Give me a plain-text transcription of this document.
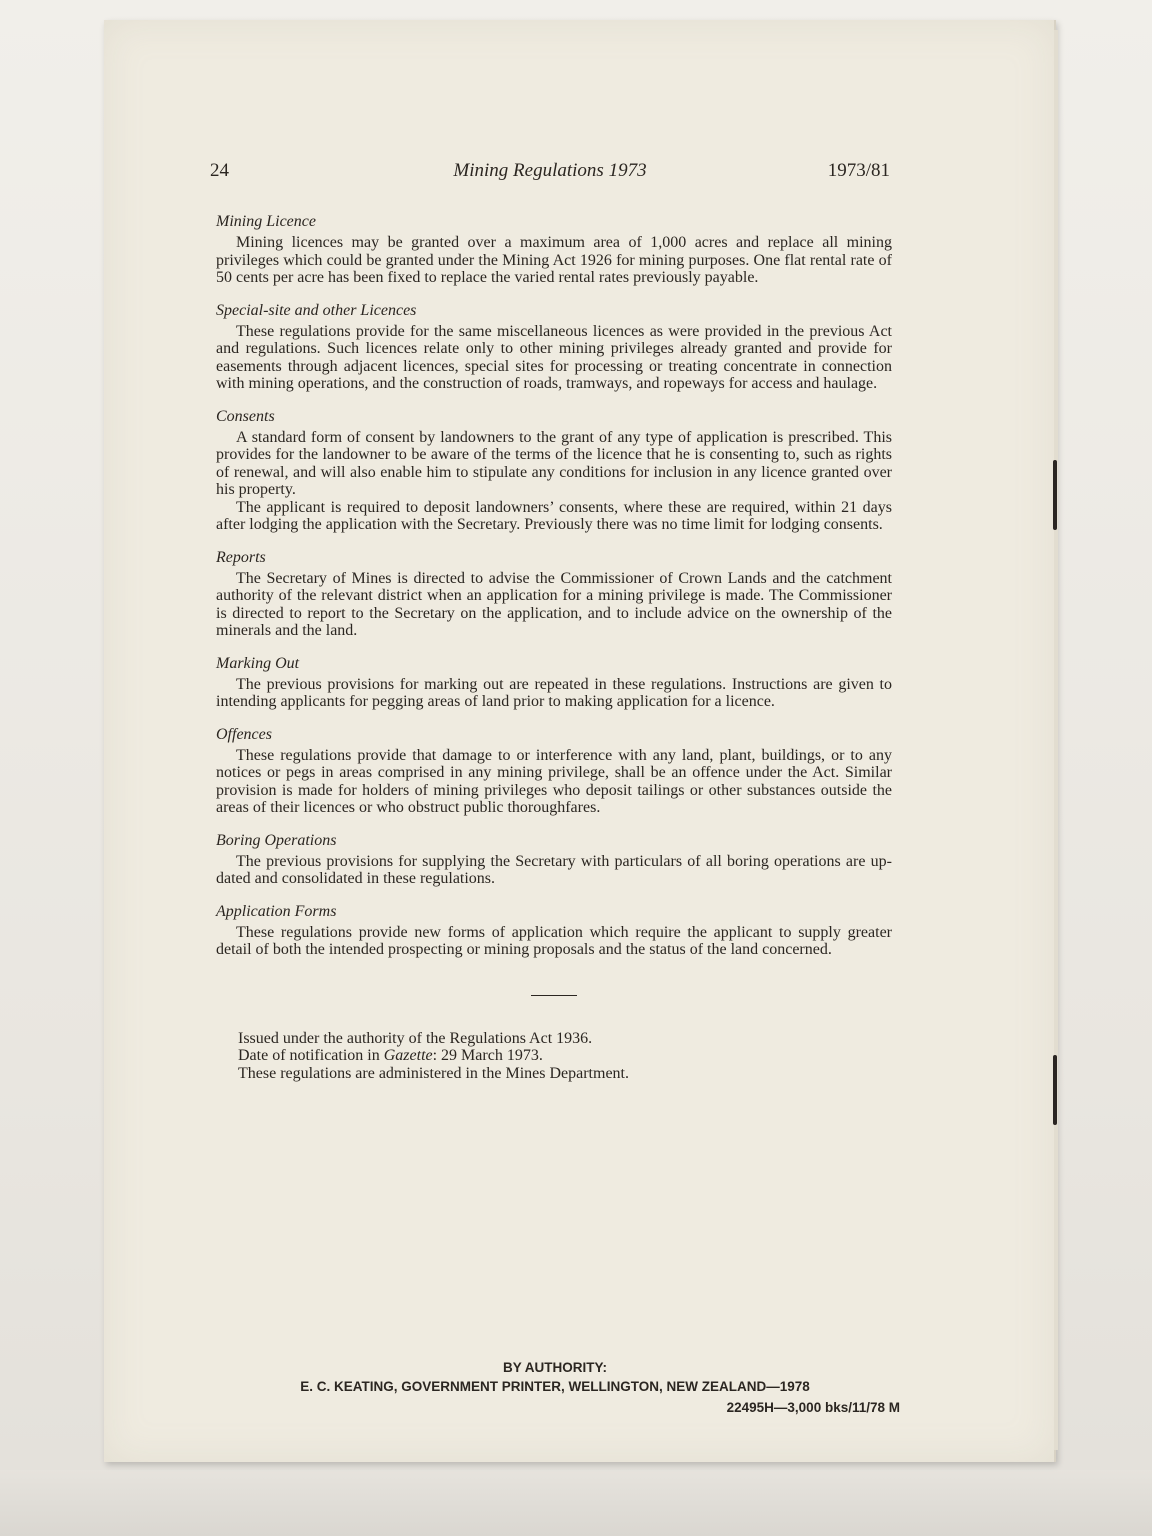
Mining Regulations 1973
24	1973/81
Mining Licence

Mining licences may be granted over a maximum area of 1,000 acres and replace all mining privileges which could be granted under the Mining Act 1926 for mining purposes. One flat rental rate of 50 cents per acre has been fixed to replace the varied rental rates previously payable.

Special-site and other Licences

These regulations provide for the same miscellaneous licences as were provided in the previous Act and regulations. Such licences relate only to other mining privileges already granted and provide for easements through adjacent licences, special sites for processing or treating concentrate in connection with mining operations, and the construction of roads, tramways, and ropeways for access and haulage.

Consents

A standard form of consent by landowners to the grant of any type of application is prescribed. This provides for the landowner to be aware of the terms of the licence that he is consenting to, such as rights of renewal, and will also enable him to stipulate any conditions for inclusion in any licence granted over his property.

The applicant is required to deposit landowners’ consents, where these are required, within 21 days after lodging the application with the Secretary. Previously there was no time limit for lodging consents.

Reports

The Secretary of Mines is directed to advise the Commissioner of Crown Lands and the catchment authority of the relevant district when an application for a mining privilege is made. The Commissioner is directed to report to the Secretary on the application, and to include advice on the ownership of the minerals and the land.

Marking Out

The previous provisions for marking out are repeated in these regulations. Instructions are given to intending applicants for pegging areas of land prior to making application for a licence.

Offences

These regulations provide that damage to or interference with any land, plant, buildings, or to any notices or pegs in areas comprised in any mining privilege, shall be an offence under the Act. Similar provision is made for holders of mining privileges who deposit tailings or other substances outside the areas of their licences or who obstruct public thoroughfares.

Boring Operations

The previous provisions for supplying the Secretary with particulars of all boring operations are up-dated and consolidated in these regulations.

Application Forms

These regulations provide new forms of application which require the applicant to supply greater detail of both the intended prospecting or mining proposals and the status of the land concerned.

Issued under the authority of the Regulations Act 1936.
Date of notification in Gazette: 29 March 1973.
These regulations are administered in the Mines Department.
BY AUTHORITY:
E. C. KEATING, GOVERNMENT PRINTER, WELLINGTON, NEW ZEALAND—1978
22495H—3,000 bks/11/78 M
